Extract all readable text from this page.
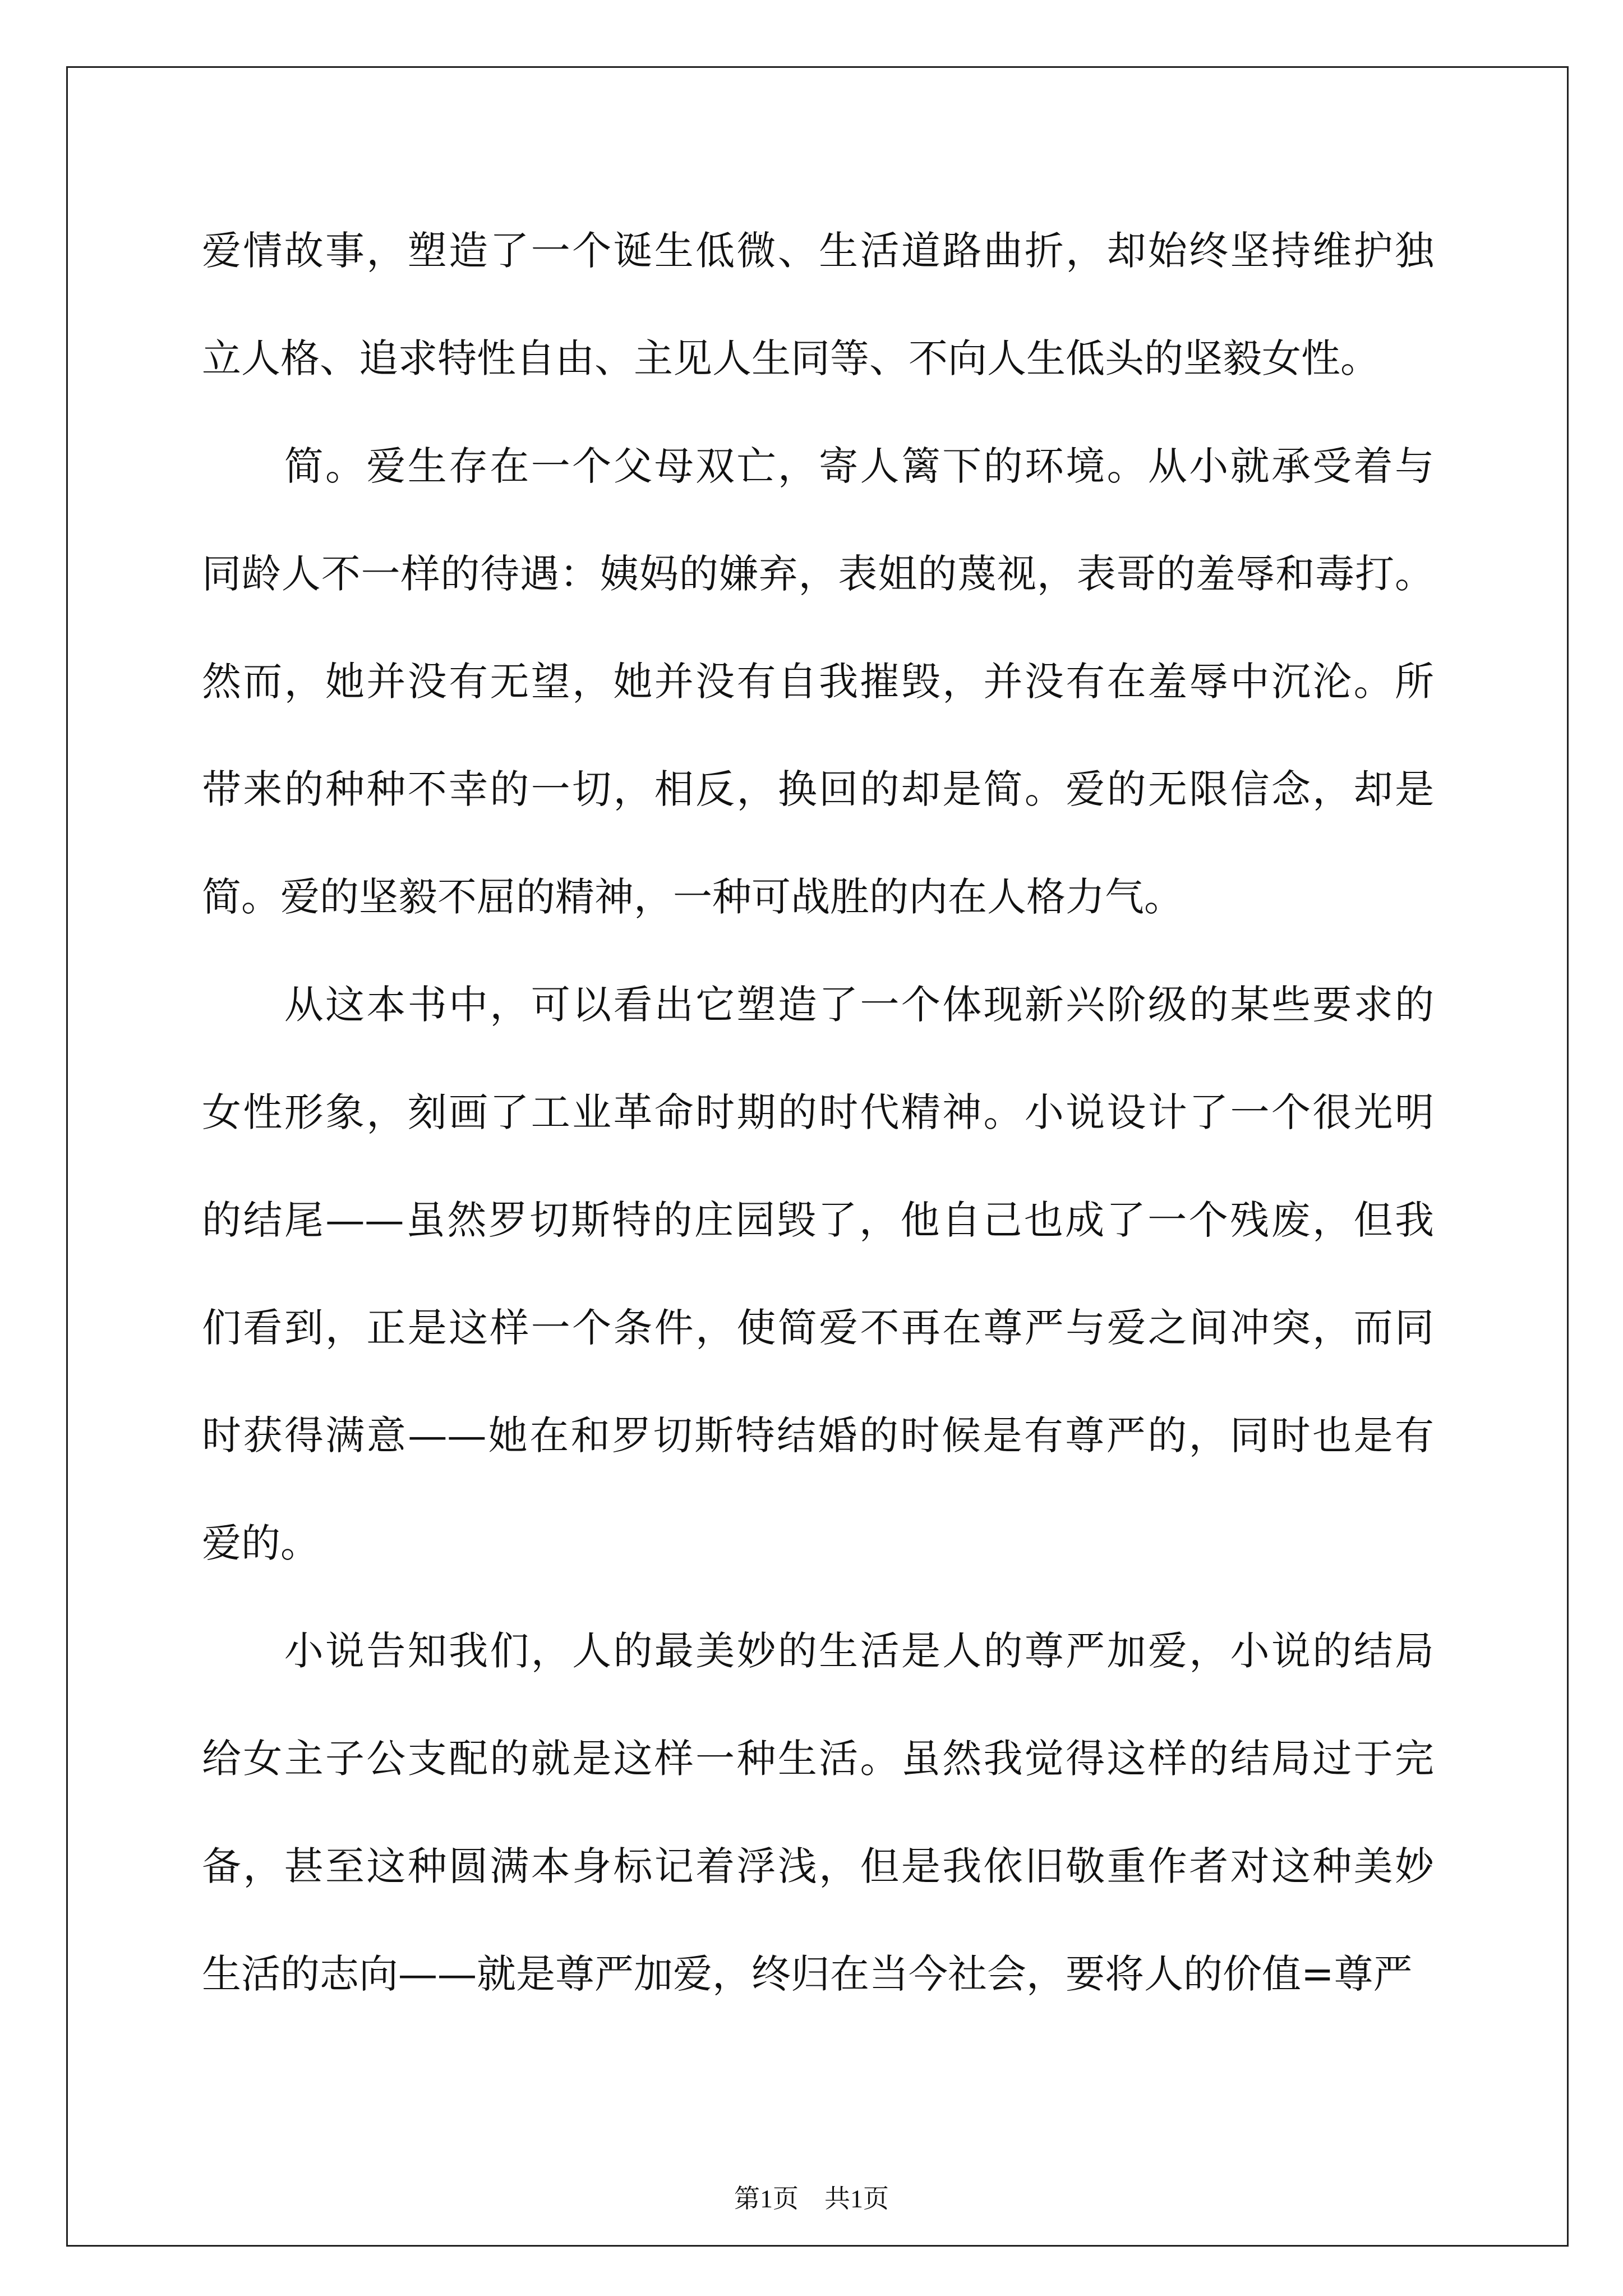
爱情故事，塑造了一个诞生低微、生活道路曲折，却始终坚持维护独
立人格、追求特性自由、主见人生同等、不向人生低头的坚毅女性。
　　简。爱生存在一个父母双亡，寄人篱下的环境。从小就承受着与
同龄人不一样的待遇：姨妈的嫌弃，表姐的蔑视，表哥的羞辱和毒打。
然而，她并没有无望，她并没有自我摧毁，并没有在羞辱中沉沦。所
带来的种种不幸的一切，相反，换回的却是简。爱的无限信念，却是
简。爱的坚毅不屈的精神，一种可战胜的内在人格力气。
　　从这本书中，可以看出它塑造了一个体现新兴阶级的某些要求的
女性形象，刻画了工业革命时期的时代精神。小说设计了一个很光明
的结尾——虽然罗切斯特的庄园毁了，他自己也成了一个残废，但我
们看到，正是这样一个条件，使简爱不再在尊严与爱之间冲突，而同
时获得满意——她在和罗切斯特结婚的时候是有尊严的，同时也是有
爱的。
　　小说告知我们，人的最美妙的生活是人的尊严加爱，小说的结局
给女主子公支配的就是这样一种生活。虽然我觉得这样的结局过于完
备，甚至这种圆满本身标记着浮浅，但是我依旧敬重作者对这种美妙
生活的志向——就是尊严加爱，终归在当今社会，要将人的价值=尊严
第1页　共1页
